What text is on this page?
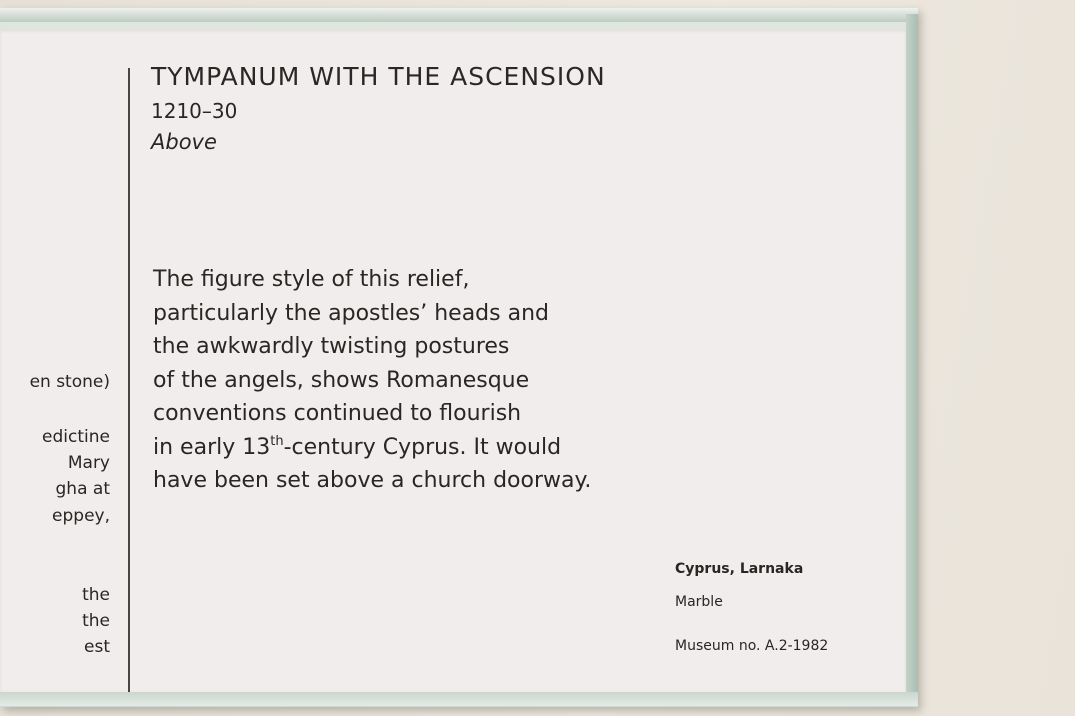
en stone)
edictine
Mary
gha at
eppey,
the
the
est
TYMPANUM WITH THE ASCENSION
1210–30
Above
The figure style of this relief,
particularly the apostles’ heads and
the awkwardly twisting postures
of the angels, shows Romanesque
conventions continued to flourish
in early 13th-century Cyprus. It would
have been set above a church doorway.
Cyprus, Larnaka
Marble
Museum no. A.2-1982
